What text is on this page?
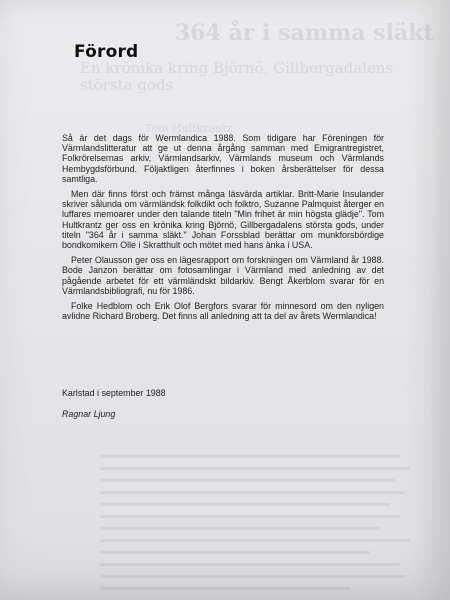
364 år i samma släkt
En krönika kring Björnö, Gillbergadalens största gods
Tom Hultkrantz
Förord

Så är det dags för Wermlandica 1988. Som tidigare har Föreningen för Värmlandslitteratur att ge ut denna årgång samman med Emigrantregistret, Folkrörelsernas arkiv, Värmlandsarkiv, Värmlands museum och Värmlands Hembygdsförbund. Följaktligen återfinnes i boken årsberättelser för dessa samtliga.

Men där finns först och främst många läsvärda artiklar. Britt-Marie Insulander skriver sålunda om värmländsk folkdikt och folktro, Suzanne Palmquist återger en luffares memoarer under den talande titeln "Min frihet är min högsta glädje". Tom Hultkrantz ger oss en krönika kring Björnö, Gillbergadalens största gods, under titeln "364 år i samma släkt." Johan Forssblad berättar om munkforsbördige bondkomikern Olle i Skratthult och mötet med hans änka i USA.

Peter Olausson ger oss en lägesrapport om forskningen om Värmland år 1988. Bode Janzon berättar om fotosamlingar i Värmland med anledning av det pågående arbetet för ett värmländskt bildarkiv. Bengt Åkerblom svarar för en Värmlandsbibliografi, nu för 1986.

Folke Hedblom och Erik Olof Bergfors svarar för minnesord om den nyligen avlidne Richard Broberg. Det finns all anledning att ta del av årets Wermlandica!

Karlstad i september 1988
Ragnar Ljung
